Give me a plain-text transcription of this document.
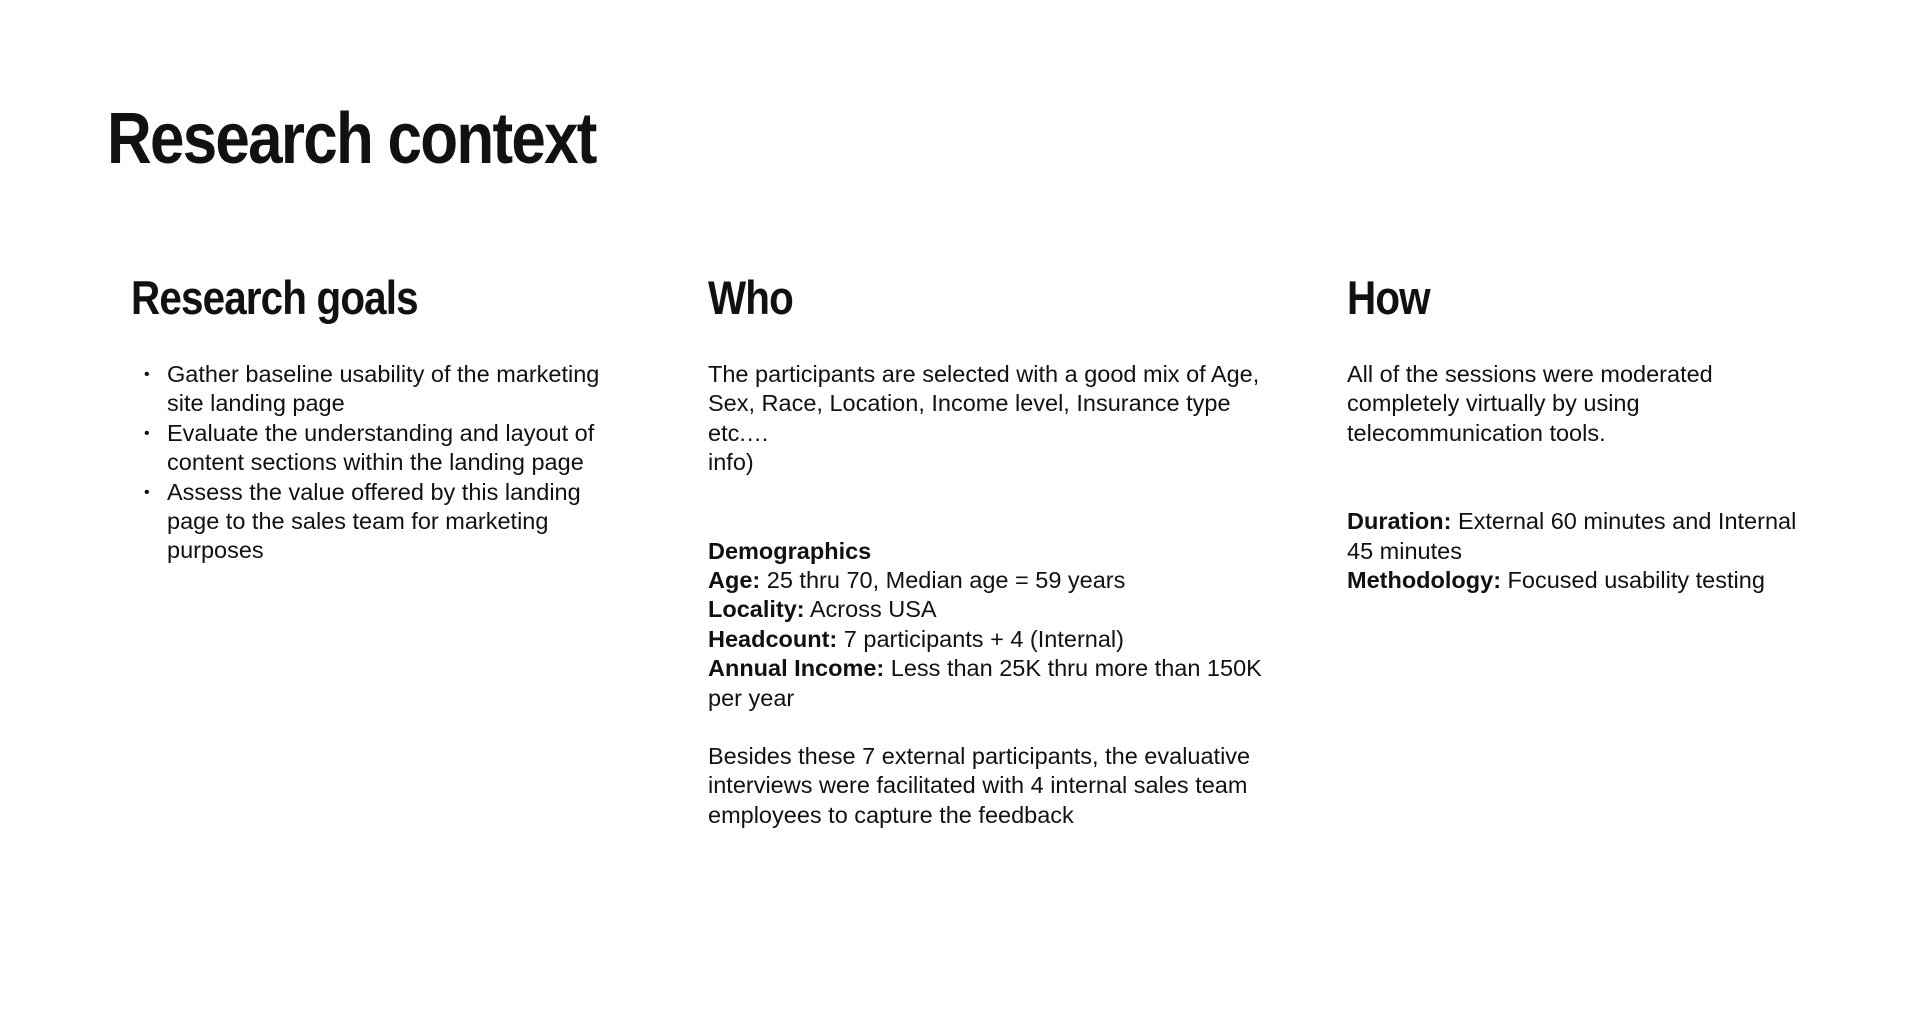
Research context
Research goals
• Gather baseline usability of the marketing site landing page
• Evaluate the understanding and layout of content sections within the landing page
• Assess the value offered by this landing page to the sales team for marketing purposes
Who

The participants are selected with a good mix of Age, Sex, Race, Location, Income level, Insurance type etc.…

info)

Demographics

Age: 25 thru 70, Median age = 59 years

Locality: Across USA

Headcount: 7 participants + 4 (Internal)

Annual Income: Less than 25K thru more than 150K per year

Besides these 7 external participants, the evaluative interviews were facilitated with 4 internal sales team employees to capture the feedback

How

All of the sessions were moderated completely virtually by using telecommunication tools.

Duration: External 60 minutes and Internal 45 minutes

Methodology: Focused usability testing
